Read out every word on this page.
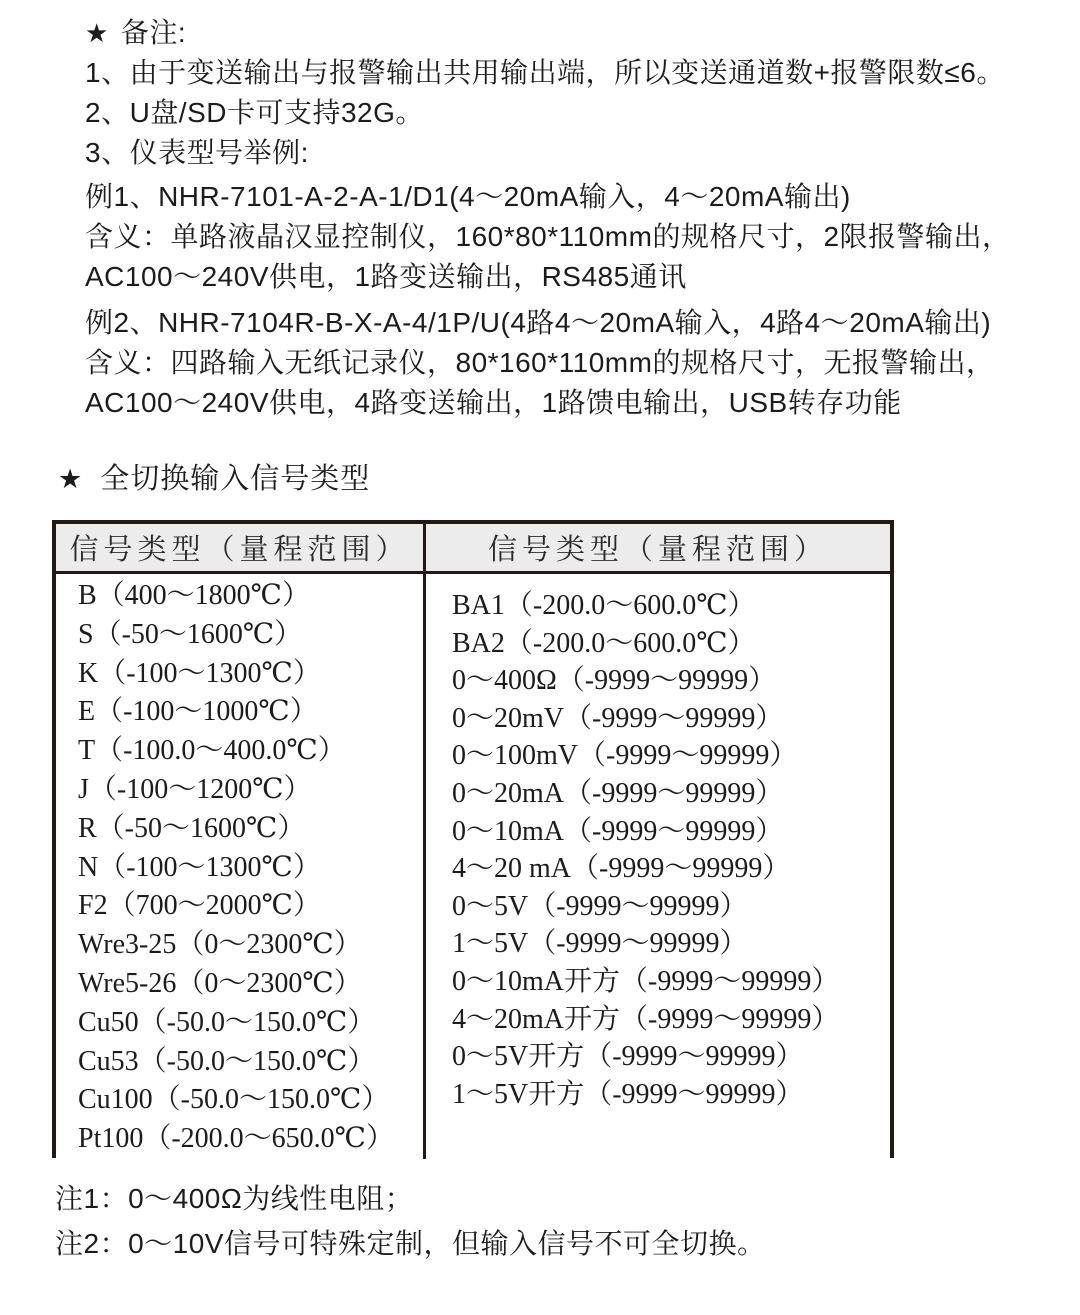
★ 备注:
1、由于变送输出与报警输出共用输出端，所以变送通道数+报警限数≤6。
2、U盘/SD卡可支持32G。
3、仪表型号举例:
例1、NHR-7101-A-2-A-1/D1(4～20mA输入，4～20mA输出)
含义：单路液晶汉显控制仪，160*80*110mm的规格尺寸，2限报警输出，
AC100～240V供电，1路变送输出，RS485通讯
例2、NHR-7104R-B-X-A-4/1P/U(4路4～20mA输入，4路4～20mA输出)
含义：四路输入无纸记录仪，80*160*110mm的规格尺寸，无报警输出，
AC100～240V供电，4路变送输出，1路馈电输出，USB转存功能
★ 全切换输入信号类型
信号类型（量程范围）	信号类型（量程范围）
B（400～1800℃）
S（-50～1600℃）
K（-100～1300℃）
E（-100～1000℃）
T（-100.0～400.0℃）
J（-100～1200℃）
R（-50～1600℃）
N（-100～1300℃）
F2（700～2000℃）
Wre3-25（0～2300℃）
Wre5-26（0～2300℃）
Cu50（-50.0～150.0℃）
Cu53（-50.0～150.0℃）
Cu100（-50.0～150.0℃）
Pt100（-200.0～650.0℃）
BA1（-200.0～600.0℃）
BA2（-200.0～600.0℃）
0～400Ω（-9999～99999）
0～20mV（-9999～99999）
0～100mV（-9999～99999）
0～20mA（-9999～99999）
0～10mA（-9999～99999）
4～20 mA（-9999～99999）
0～5V（-9999～99999）
1～5V（-9999～99999）
0～10mA开方（-9999～99999）
4～20mA开方（-9999～99999）
0～5V开方（-9999～99999）
1～5V开方（-9999～99999）
注1：0～400Ω为线性电阻；
注2：0～10V信号可特殊定制，但输入信号不可全切换。
